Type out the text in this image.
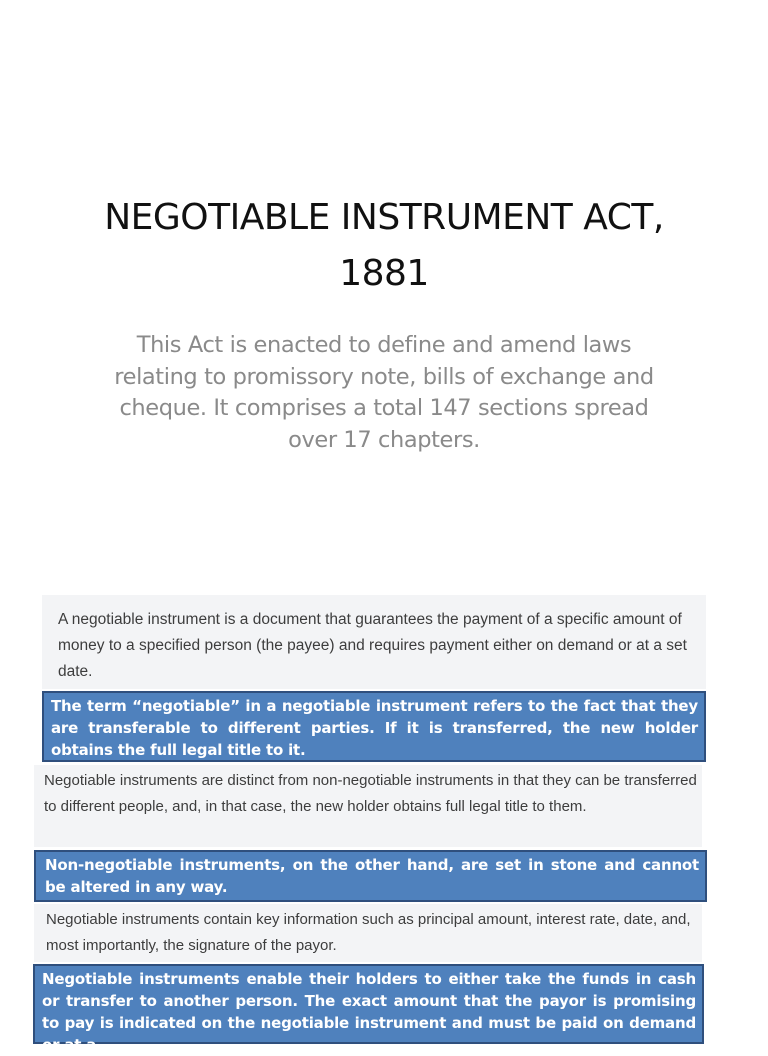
NEGOTIABLE INSTRUMENT ACT,
1881
This Act is enacted to define and amend laws relating to promissory note, bills of exchange and cheque. It comprises a total 147 sections spread over 17 chapters.
A negotiable instrument is a document that guarantees the payment of a specific amount of money to a specified person (the payee) and requires payment either on demand or at a set date.
The term “negotiable” in a negotiable instrument refers to the fact that they are transferable to different parties. If it is transferred, the new holder obtains the full legal title to it.
Negotiable instruments are distinct from non-negotiable instruments in that they can be transferred to different people, and, in that case, the new holder obtains full legal title to them.
Non-negotiable instruments, on the other hand, are set in stone and cannot be altered in any way.
Negotiable instruments contain key information such as principal amount, interest rate, date, and, most importantly, the signature of the payor.
Negotiable instruments enable their holders to either take the funds in cash or transfer to another person. The exact amount that the payor is promising to pay is indicated on the negotiable instrument and must be paid on demand or at a
